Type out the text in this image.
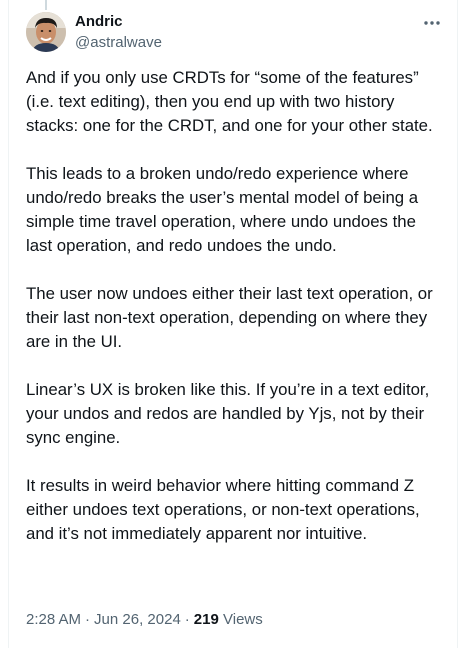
Andric
@astralwave

And if you only use CRDTs for “some of the features” (i.e. text editing), then you end up with two history stacks: one for the CRDT, and one for your other state.

This leads to a broken undo/redo experience where undo/redo breaks the user’s mental model of being a simple time travel operation, where undo undoes the last operation, and redo undoes the undo.

The user now undoes either their last text operation, or their last non-text operation, depending on where they are in the UI.

Linear’s UX is broken like this. If you’re in a text editor, your undos and redos are handled by Yjs, not by their sync engine.

It results in weird behavior where hitting command Z either undoes text operations, or non-text operations, and it’s not immediately apparent nor intuitive.

2:28 AM · Jun 26, 2024 · 219 Views
